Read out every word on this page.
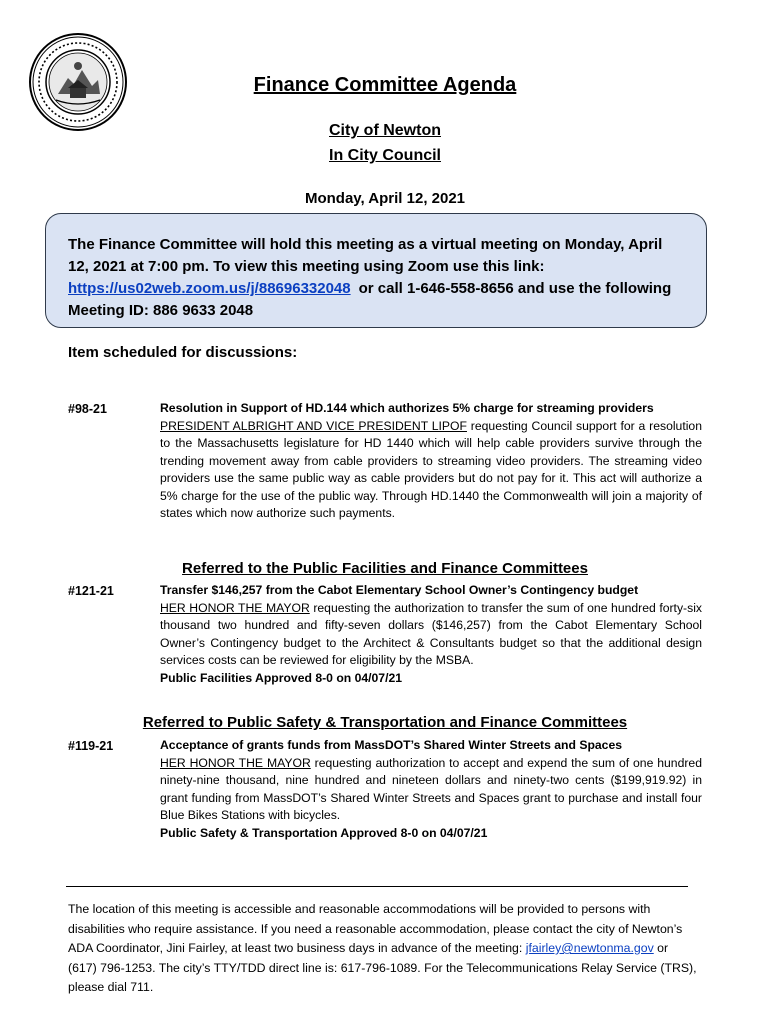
Finance Committee Agenda
City of Newton
In City Council
Monday, April 12, 2021
The Finance Committee will hold this meeting as a virtual meeting on Monday, April 12, 2021 at 7:00 pm. To view this meeting using Zoom use this link: https://us02web.zoom.us/j/88696332048 or call 1-646-558-8656 and use the following Meeting ID: 886 9633 2048
Item scheduled for discussions:
#98-21	Resolution in Support of HD.144 which authorizes 5% charge for streaming providers
PRESIDENT ALBRIGHT AND VICE PRESIDENT LIPOF requesting Council support for a resolution to the Massachusetts legislature for HD 1440 which will help cable providers survive through the trending movement away from cable providers to streaming video providers. The streaming video providers use the same public way as cable providers but do not pay for it. This act will authorize a 5% charge for the use of the public way. Through HD.1440 the Commonwealth will join a majority of states which now authorize such payments.
Referred to the Public Facilities and Finance Committees
#121-21	Transfer $146,257 from the Cabot Elementary School Owner’s Contingency budget
HER HONOR THE MAYOR requesting the authorization to transfer the sum of one hundred forty-six thousand two hundred and fifty-seven dollars ($146,257) from the Cabot Elementary School Owner’s Contingency budget to the Architect & Consultants budget so that the additional design services costs can be reviewed for eligibility by the MSBA.
Public Facilities Approved 8-0 on 04/07/21
Referred to Public Safety & Transportation and Finance Committees
#119-21	Acceptance of grants funds from MassDOT’s Shared Winter Streets and Spaces
HER HONOR THE MAYOR requesting authorization to accept and expend the sum of one hundred ninety-nine thousand, nine hundred and nineteen dollars and ninety-two cents ($199,919.92) in grant funding from MassDOT’s Shared Winter Streets and Spaces grant to purchase and install four Blue Bikes Stations with bicycles.
Public Safety & Transportation Approved 8-0 on 04/07/21
The location of this meeting is accessible and reasonable accommodations will be provided to persons with disabilities who require assistance. If you need a reasonable accommodation, please contact the city of Newton’s ADA Coordinator, Jini Fairley, at least two business days in advance of the meeting: jfairley@newtonma.gov or (617) 796-1253. The city’s TTY/TDD direct line is: 617-796-1089. For the Telecommunications Relay Service (TRS), please dial 711.
